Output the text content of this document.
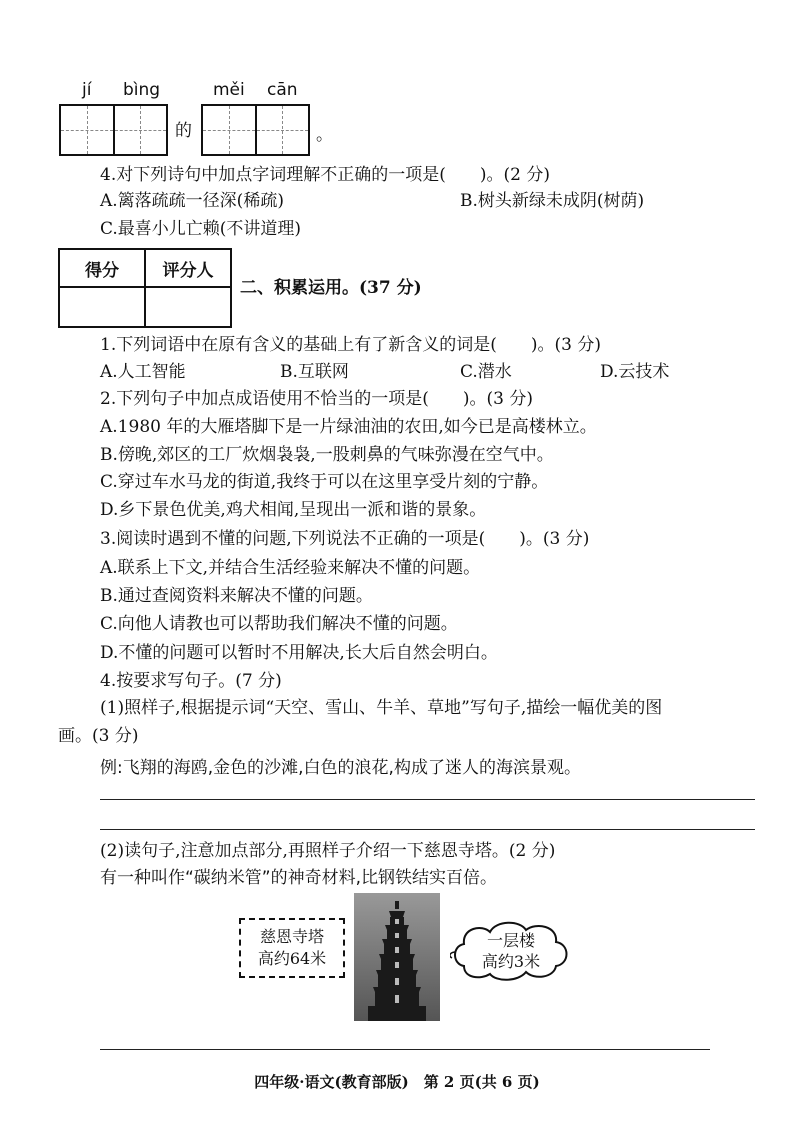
jí bìng	měi cān
的	。
4.对下列诗句中加点字词理解不正确的一项是(　　)。(2 分)
A.篱落疏疏一径深(稀疏)	B.树头新绿未成阴(树荫)
C.最喜小儿亡赖(不讲道理)
得分	评分人

二、积累运用。(37 分)
1.下列词语中在原有含义的基础上有了新含义的词是(　　)。(3 分)
A.人工智能	B.互联网	C.潜水	D.云技术
2.下列句子中加点成语使用不恰当的一项是(　　)。(3 分)
A.1980 年的大雁塔脚下是一片绿油油的农田,如今已是高楼林立。
B.傍晚,郊区的工厂炊烟袅袅,一股刺鼻的气味弥漫在空气中。
C.穿过车水马龙的街道,我终于可以在这里享受片刻的宁静。
D.乡下景色优美,鸡犬相闻,呈现出一派和谐的景象。
3.阅读时遇到不懂的问题,下列说法不正确的一项是(　　)。(3 分)
A.联系上下文,并结合生活经验来解决不懂的问题。
B.通过查阅资料来解决不懂的问题。
C.向他人请教也可以帮助我们解决不懂的问题。
D.不懂的问题可以暂时不用解决,长大后自然会明白。
4.按要求写句子。(7 分)
(1)照样子,根据提示词“天空、雪山、牛羊、草地”写句子,描绘一幅优美的图
画。(3 分)
例:飞翔的海鸥,金色的沙滩,白色的浪花,构成了迷人的海滨景观。
(2)读句子,注意加点部分,再照样子介绍一下慈恩寺塔。(2 分)
有一种叫作“碳纳米管”的神奇材料,比钢铁结实百倍。
慈恩寺塔
高约64米
一层楼
高约3米
四年级·语文(教育部版)　第 2 页(共 6 页)
